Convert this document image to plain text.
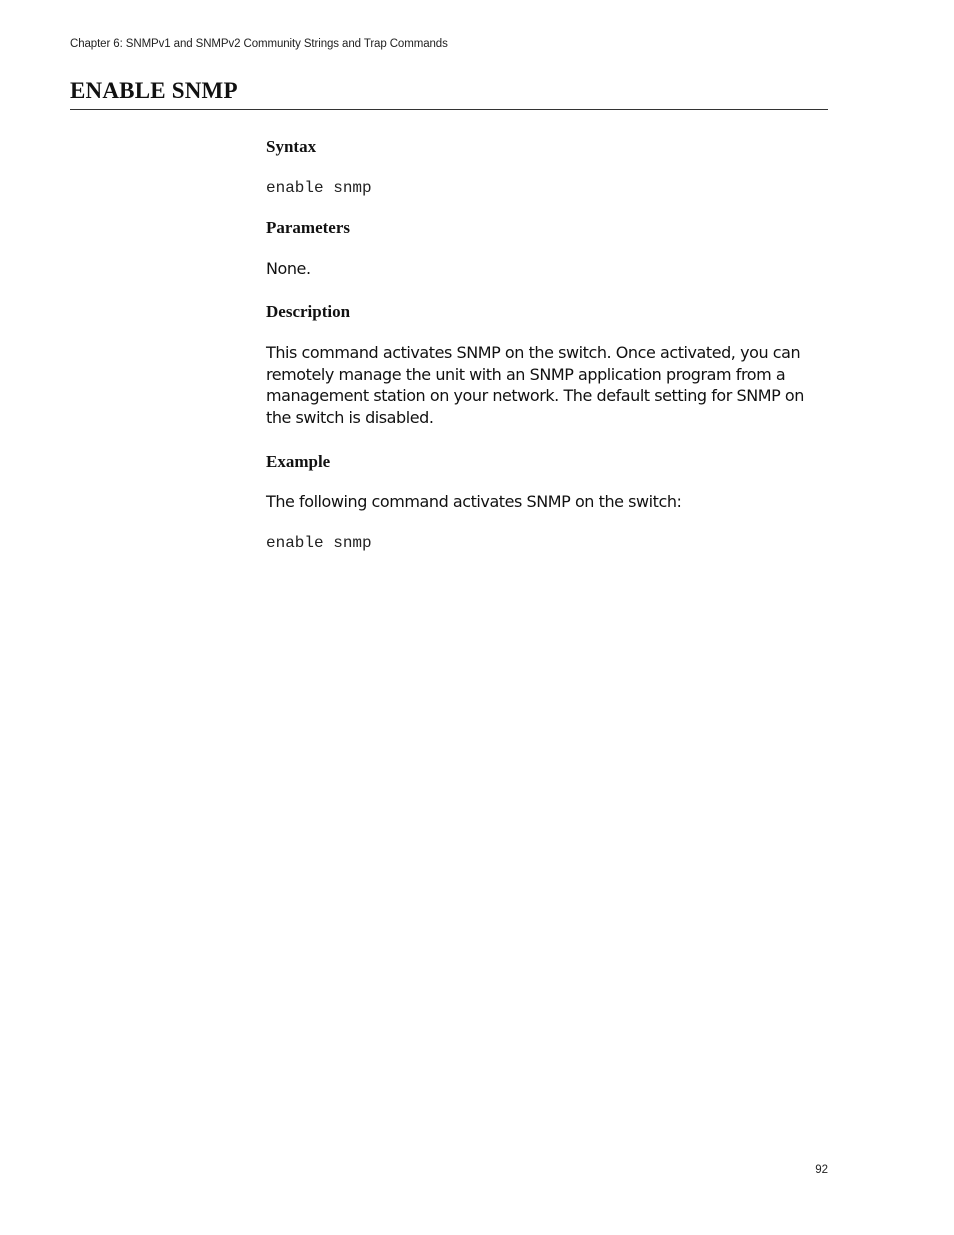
Chapter 6: SNMPv1 and SNMPv2 Community Strings and Trap Commands
ENABLE SNMP
Syntax
enable snmp
Parameters

None.

Description

This command activates SNMP on the switch. Once activated, you can remotely manage the unit with an SNMP application program from a management station on your network. The default setting for SNMP on the switch is disabled.

Example

The following command activates SNMP on the switch:

enable snmp
92
